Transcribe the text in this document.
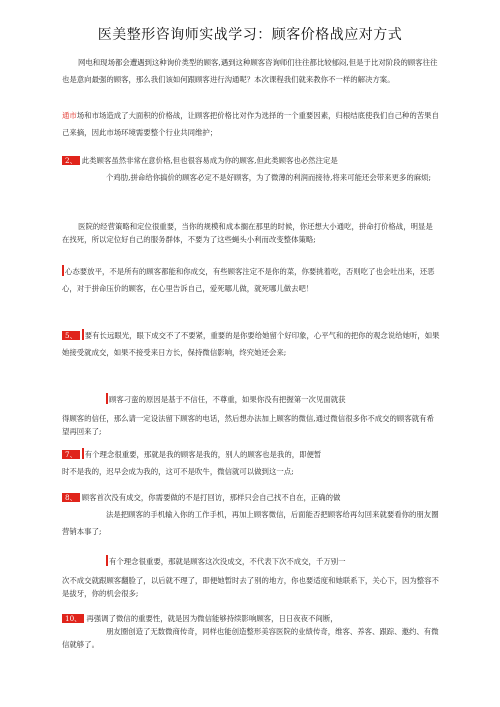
医美整形咨询师实战学习：顾客价格战应对方式

网电和现场都会遭遇到这种询价类型的顾客,遇到这种顾客咨询师们往往都比较郁闷,但是于比对阶段的顾客往往也是意向最强的顾客，那么我们该如何跟顾客进行沟通呢？本次课程我们就来教你不一样的解决方案。

通市场和市场造成了大面积的价格战，让顾客把价格比对作为选择的一个重要因素，归根结底使我们自己种的苦果自己来摘，因此市场环境需要整个行业共同维护；

2、 此类顾客虽然非常在意价格,但也很容易成为你的顾客,但此类顾客也必然注定是
个鸡肋,拼命给你搞价的顾客必定不是好顾客，为了微薄的利润而接待,将来可能还会带来更多的麻烦;

医院的经营策略和定位很重要，当你的规模和成本搁在那里的时候，你还想大小通吃，拼命打价格战，明显是在找死，所以定位好自己的服务群体，不要为了这些蝇头小利而改变整体策略;

心态要放平，不是所有的顾客都能和你成交，有些顾客注定不是你的菜，你要挑着吃，否则吃了也会吐出来，还恶心，对于拼命压价的顾客，在心里告诉自己，爱死哪儿做，就死哪儿做去吧！

5、 要有长远眼光，眼下成交不了不要紧，重要的是你要给她留个好印象，心平气和的把你的观念说给她听，如果她接受就成交，如果不接受来日方长，保持微信影响，终究她还会来;

顾客刁蛮的原因是基于不信任，不尊重，如果你没有把握第一次见面就获
得顾客的信任，那么请一定设法留下顾客的电话，然后想办法加上顾客的微信,通过微信很多你不成交的顾客就有希望再回来了;

7、 有个理念很重要，那就是我的顾客是我的，别人的顾客也是我的，即便暂
时不是我的，迟早会成为我的，这可不是吹牛，微信就可以做到这一点;

8、 顾客首次没有成交，你需要做的不是打回访，那样只会自己找不自在，正确的做
法是把顾客的手机输入你的工作手机，再加上顾客微信，后面能否把顾客给再勾回来就要看你的朋友圈营销本事了;

有个理念很重要，那就是顾客这次没成交，不代表下次不成交，千万别一
次不成交就跟顾客翻脸了，以后就不理了，即便她暂时去了别的地方，你也要适度和她联系下，关心下，因为整容不是拔牙，你的机会很多;

10、 再强调了微信的重要性，就是因为微信能够持续影响顾客，日日夜夜不间断，
朋友圈创造了无数微商传奇，同样也能创造整形美容医院的业绩传奇，维客、养客、跟踪、邀约、有微信就够了。
